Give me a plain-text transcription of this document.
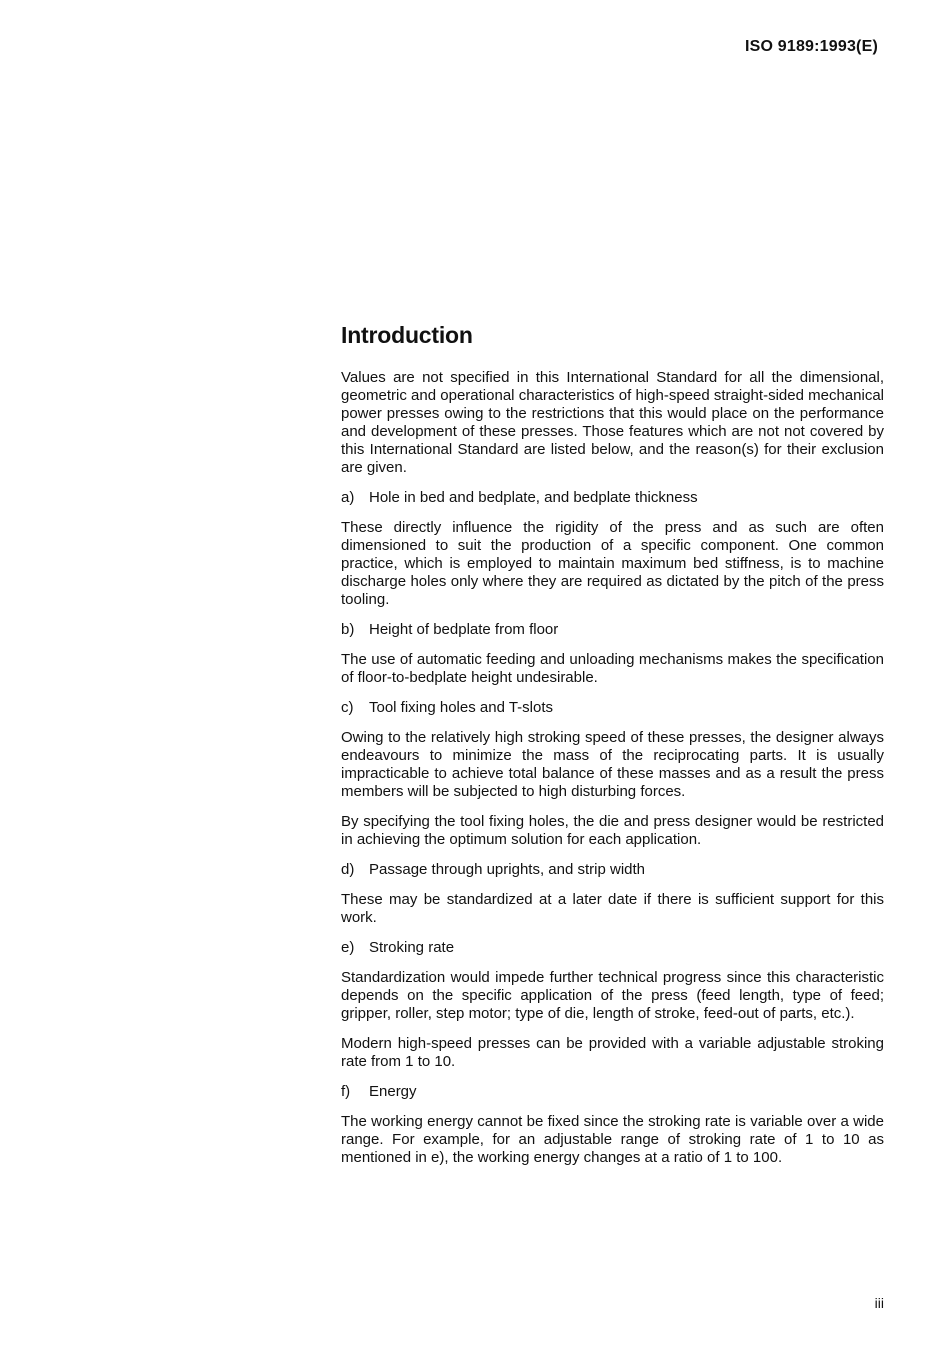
ISO 9189:1993(E)
Introduction

Values are not specified in this International Standard for all the dimensional, geometric and operational characteristics of high-speed straight-sided mechanical power presses owing to the restrictions that this would place on the performance and development of these presses. Those features which are not not covered by this International Standard are listed below, and the reason(s) for their exclusion are given.

a) Hole in bed and bedplate, and bedplate thickness

These directly influence the rigidity of the press and as such are often dimensioned to suit the production of a specific component. One common practice, which is employed to maintain maximum bed stiffness, is to machine discharge holes only where they are required as dictated by the pitch of the press tooling.

b) Height of bedplate from floor

The use of automatic feeding and unloading mechanisms makes the specification of floor-to-bedplate height undesirable.

c) Tool fixing holes and T-slots

Owing to the relatively high stroking speed of these presses, the designer always endeavours to minimize the mass of the reciprocating parts. It is usually impracticable to achieve total balance of these masses and as a result the press members will be subjected to high disturbing forces.

By specifying the tool fixing holes, the die and press designer would be restricted in achieving the optimum solution for each application.

d) Passage through uprights, and strip width

These may be standardized at a later date if there is sufficient support for this work.

e) Stroking rate

Standardization would impede further technical progress since this characteristic depends on the specific application of the press (feed length, type of feed; gripper, roller, step motor; type of die, length of stroke, feed-out of parts, etc.).

Modern high-speed presses can be provided with a variable adjustable stroking rate from 1 to 10.

f) Energy

The working energy cannot be fixed since the stroking rate is variable over a wide range. For example, for an adjustable range of stroking rate of 1 to 10 as mentioned in e), the working energy changes at a ratio of 1 to 100.

iii
